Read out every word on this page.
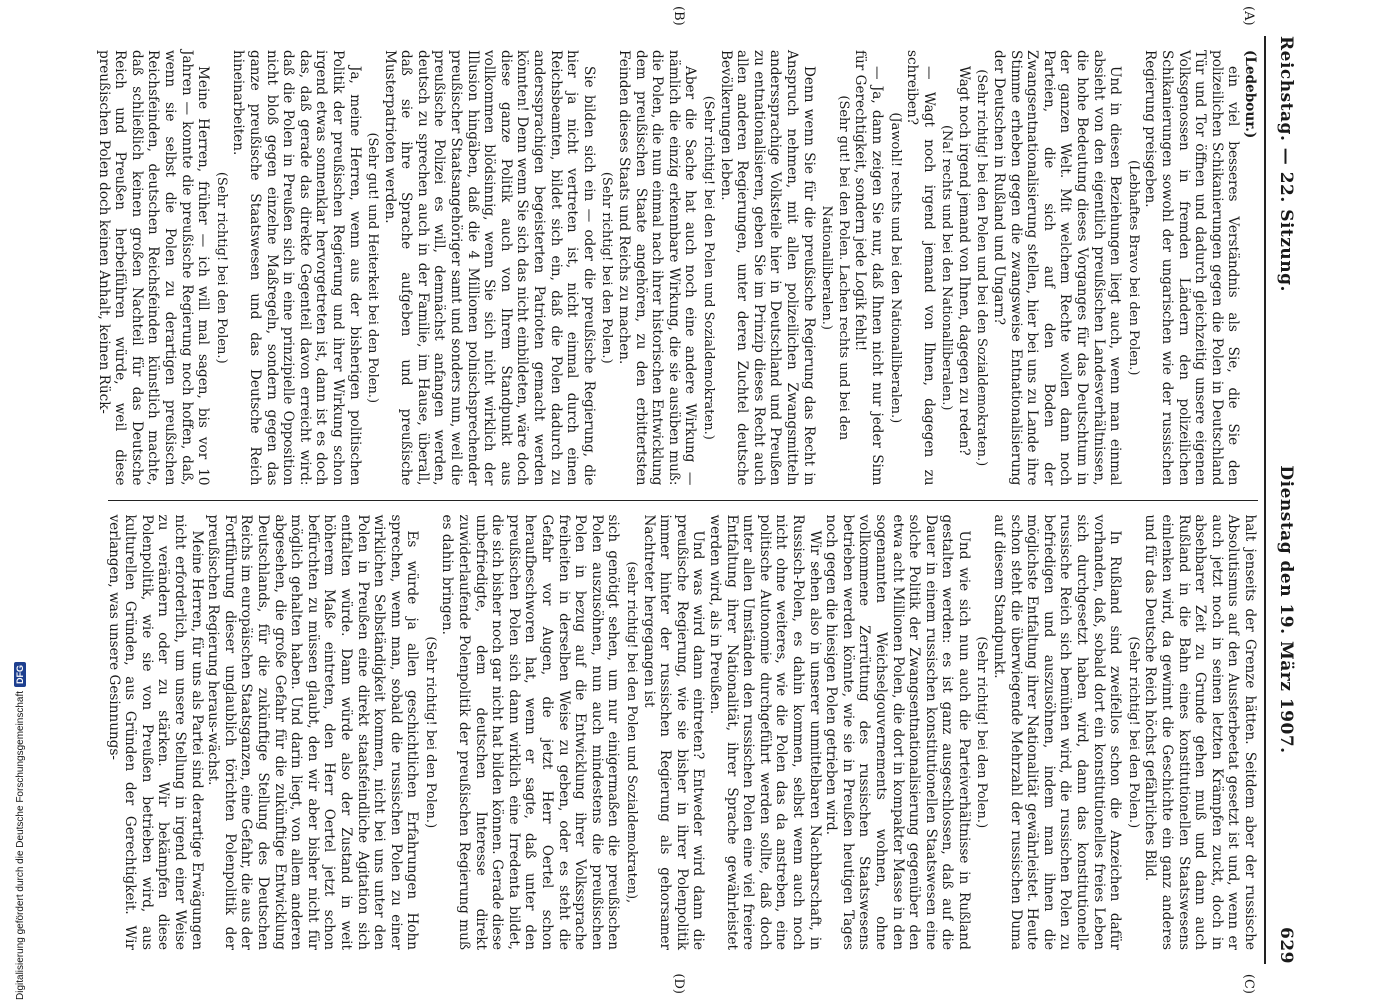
Reichstag. — 22. Sitzung.
Dienstag den 19. März 1907.
629

(Ledebour.)

ein viel besseres Verständnis als Sie, die Sie den polizeilichen Schikanierungen gegen die Polen in Deutschland Tür und Tor öffnen und dadurch gleichzeitig unsere eigenen Volksgenossen in fremden Ländern den polizeilichen Schikanierungen sowohl der ungarischen wie der russischen Regierung preisgeben.

(Lebhaftes Bravo bei den Polen.)

Und in diesen Beziehungen liegt auch, wenn man einmal absieht von den eigentlich preußischen Landesverhältnissen, die hohe Bedeutung dieses Vorganges für das Deutschtum in der ganzen Welt. Mit welchem Rechte wollen dann noch Parteien, die sich auf den Boden der Zwangsentnationalisierung stellen, hier bei uns zu Lande ihre Stimme erheben gegen die zwangsweise Entnationalisierung der Deutschen in Rußland und Ungarn?

(Sehr richtig! bei den Polen und bei den Sozialdemokraten.)

Wagt noch irgend jemand von Ihnen, dagegen zu reden?

(Na! rechts und bei den Nationalliberalen.)

— Wagt noch irgend jemand von Ihnen, dagegen zu schreiben?

(Jawohl! rechts und bei den Nationalliberalen.)

— Ja, dann zeigen Sie nur, daß Ihnen nicht nur jeder Sinn für Gerechtigkeit, sondern jede Logik fehlt!

(Sehr gut! bei den Polen. Lachen rechts und bei den Nationalliberalen.)

Denn wenn Sie für die preußische Regierung das Recht in Anspruch nehmen, mit allen polizeilichen Zwangsmitteln anderssprachige Volksteile hier in Deutschland und Preußen zu entnationalisieren, geben Sie im Prinzip dieses Recht auch allen anderen Regierungen, unter deren Zuchtel deutsche Bevölkerungen leben.

(Sehr richtig! bei den Polen und Sozialdemokraten.)

Aber die Sache hat auch noch eine andere Wirkung — nämlich die einzig erkennbare Wirkung, die sie ausüben muß: die Polen, die nun einmal nach ihrer historischen Entwicklung dem preußischen Staate angehören, zu den erbittertsten Feinden dieses Staats und Reichs zu machen.

(Sehr richtig! bei den Polen.)

Sie bilden sich ein — oder die preußische Regierung, die hier ja nicht vertreten ist, nicht einmal durch einen Reichsbeamten, bildet sich ein, daß die Polen dadurch zu anderssprachigen begeisterten Patrioten gemacht werden könnten! Denn wenn Sie sich das nicht einbildeten, wäre doch diese ganze Politik auch von Ihrem Standpunkt aus vollkommen blödsinnig, wenn Sie sich nicht wirklich der Illusion hingäben, daß die 4 Millionen polnischsprechender preußischer Staatsangehöriger samt und sonders nun, weil die preußische Polizei es will, demnächst anfangen werden, deutsch zu sprechen auch in der Familie, im Hause, überall, daß sie ihre Sprache aufgeben und preußische Musterpatrioten werden.

(Sehr gut! und Heiterkeit bei den Polen.)

Ja, meine Herren, wenn aus der bisherigen politischen Politik der preußischen Regierung und ihrer Wirkung schon irgend etwas sonnenklar hervorgetreten ist, dann ist es doch das, daß gerade das direkte Gegenteil davon erreicht wird: daß die Polen in Preußen sich in eine prinzipielle Opposition nicht bloß gegen einzelne Maßregeln, sondern gegen das ganze preußische Staatswesen und das Deutsche Reich hineinarbeiten.

(Sehr richtig! bei den Polen.)

Meine Herren, früher — ich will mal sagen, bis vor 10 Jahren — konnte die preußische Regierung noch hoffen, daß, wenn sie selbst die Polen zu derartigen preußischen Reichsfeinden, deutschen Reichsfeinden künstlich machte, daß schließlich keinen großen Nachteil für das Deutsche Reich und Preußen herbeiführen würde, weil diese preußischen Polen doch keinen Anhalt, keinen Rück-

halt jenseits der Grenze hätten. Seitdem aber der russische Absolutismus auf den Aussterbeetat gesetzt ist und, wenn er auch jetzt noch in seinen letzten Krämpfen zuckt, doch in absehbarer Zeit zu Grunde gehen muß und dann auch Rußland in die Bahn eines konstitutionellen Staatswesens einlenken wird, da gewinnt die Geschichte ein ganz anderes und für das Deutsche Reich höchst gefährliches Bild.

(Sehr richtig! bei den Polen.)

In Rußland sind zweifellos schon die Anzeichen dafür vorhanden, daß, sobald dort ein konstitutionelles freies Leben sich durchgesetzt haben wird, dann das konstitutionelle russische Reich sich bemühen wird, die russischen Polen zu befriedigen und auszusöhnen, indem man ihnen die möglichste Entfaltung ihrer Nationalität gewährleistet. Heute schon steht die überwiegende Mehrzahl der russischen Duma auf diesem Standpunkt.

(Sehr richtig! bei den Polen.)

Und wie sich nun auch die Parteiverhältnisse in Rußland gestalten werden: es ist ganz ausgeschlossen, daß auf die Dauer in einem russischen konstitutionellen Staatswesen eine solche Politik der Zwangsentnationalisierung gegenüber den etwa acht Millionen Polen, die dort in kompakter Masse in den sogenannten Weichselgouvernements wohnen, ohne vollkommene Zerrüttung des russischen Staatswesens betrieben werden könnte, wie sie in Preußen heutigen Tages noch gegen die hiesigen Polen getrieben wird.

Wir sehen also in unserer unmittelbaren Nachbarschaft, in Russisch-Polen, es dahin kommen, selbst wenn auch noch nicht ohne weiteres, wie die Polen das da anstreben, eine politische Autonomie durchgeführt werden sollte, daß doch unter allen Umständen den russischen Polen eine viel freiere Entfaltung ihrer Nationalität, ihrer Sprache gewährleistet werden wird, als in Preußen.

Und was wird dann eintreten? Entweder wird dann die preußische Regierung, wie sie bisher in ihrer Polenpolitik immer hinter der russischen Regierung als gehorsamer Nachtreter hergegangen ist

(sehr richtig! bei den Polen und Sozialdemokraten),

sich genötigt sehen, um nur einigermaßen die preußischen Polen auszusöhnen, nun auch mindestens die preußischen Polen in bezug auf die Entwicklung ihrer Volkssprache freiheiten in derselben Weise zu geben, oder es steht die Gefahr vor Augen, die jetzt Herr Oertel schon heraufbeschworen hat, wenn er sagte, daß unter den preußischen Polen sich dann wirklich eine Irredenta bildet, die sich bisher noch gar nicht hat bilden können. Gerade diese unbefriedigte, dem deutschen Interesse direkt zuwiderlaufende Polenpolitik der preußischen Regierung muß es dahin bringen.

(Sehr richtig! bei den Polen.)

Es würde ja allen geschichtlichen Erfahrungen Hohn sprechen, wenn man, sobald die russischen Polen zu einer wirklichen Selbständigkeit kommen, nicht bei uns unter den Polen in Preußen eine direkt staatsfeindliche Agitation sich entfalten würde. Dann würde also der Zustand in weit höherem Maße eintreten, den Herr Oertel jetzt schon befürchten zu müssen glaubt, den wir aber bisher nicht für möglich gehalten haben. Und darin liegt, von allem anderen abgesehen, die große Gefahr für die zukünftige Entwicklung Deutschlands, für die zukünftige Stellung des Deutschen Reichs im europäischen Staatsganzen, eine Gefahr, die aus der Fortführung dieser unglaublich törichten Polenpolitik der preußischen Regierung heraus-wächst.

Meine Herren, für uns als Partei sind derartige Erwägungen nicht erforderlich, um unsere Stellung in irgend einer Weise zu verändern oder zu stärken. Wir bekämpfen diese Polenpolitik, wie sie von Preußen betrieben wird, aus kulturellen Gründen, aus Gründen der Gerechtigkeit. Wir verlangen, was unsere Gesinnungs-

(A)
(B)
(C)
(D)
Digitalisierung gefördert durch die Deutsche Forschungsgemeinschaft
DFG
